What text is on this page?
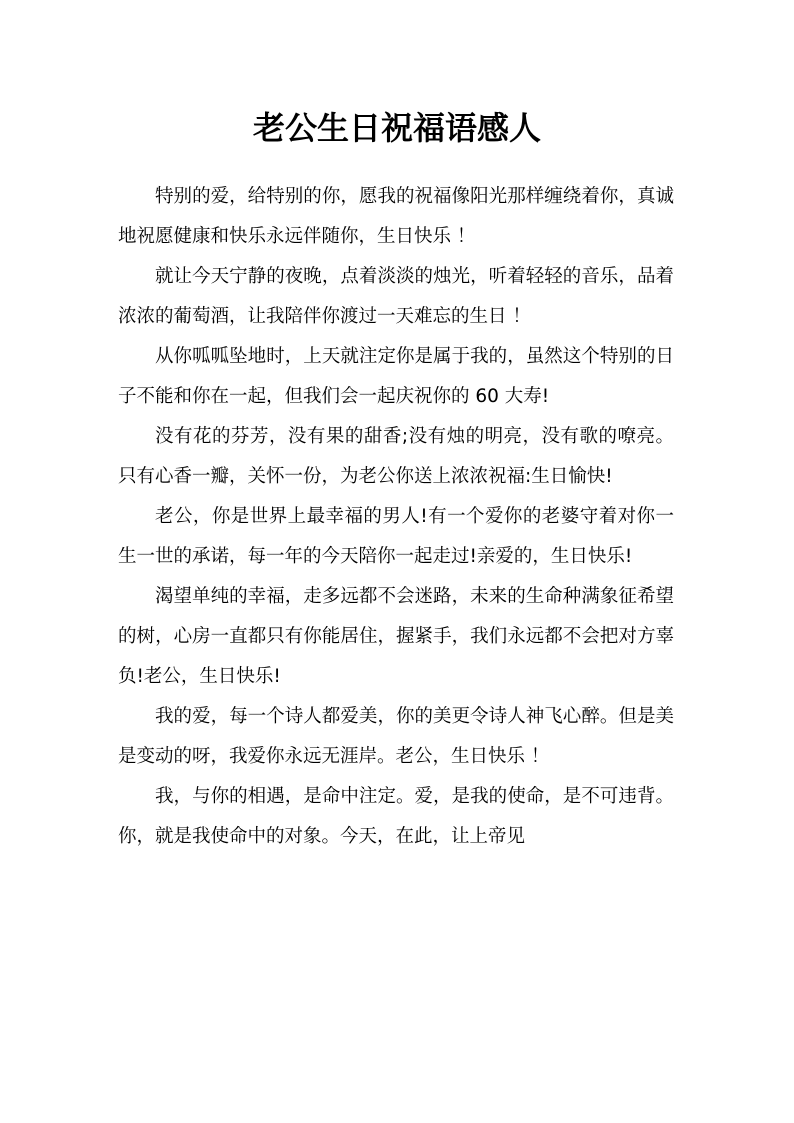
老公生日祝福语感人

特别的爱，给特别的你，愿我的祝福像阳光那样缠绕着你，真诚地祝愿健康和快乐永远伴随你，生日快乐 ！

就让今天宁静的夜晚，点着淡淡的烛光，听着轻轻的音乐，品着浓浓的葡萄酒，让我陪伴你渡过一天难忘的生日 ！

从你呱呱坠地时，上天就注定你是属于我的，虽然这个特别的日子不能和你在一起，但我们会一起庆祝你的 60 大寿!

没有花的芬芳，没有果的甜香;没有烛的明亮，没有歌的嘹亮。只有心香一瓣，关怀一份，为老公你送上浓浓祝福:生日愉快!

老公，你是世界上最幸福的男人!有一个爱你的老婆守着对你一生一世的承诺，每一年的今天陪你一起走过!亲爱的，生日快乐!

渴望单纯的幸福，走多远都不会迷路，未来的生命种满象征希望的树，心房一直都只有你能居住，握紧手，我们永远都不会把对方辜负!老公，生日快乐!

我的爱，每一个诗人都爱美，你的美更令诗人神飞心醉。但是美是变动的呀，我爱你永远无涯岸。老公，生日快乐 ！

我，与你的相遇，是命中注定。爱，是我的使命，是不可违背。你，就是我使命中的对象。今天，在此，让上帝见
